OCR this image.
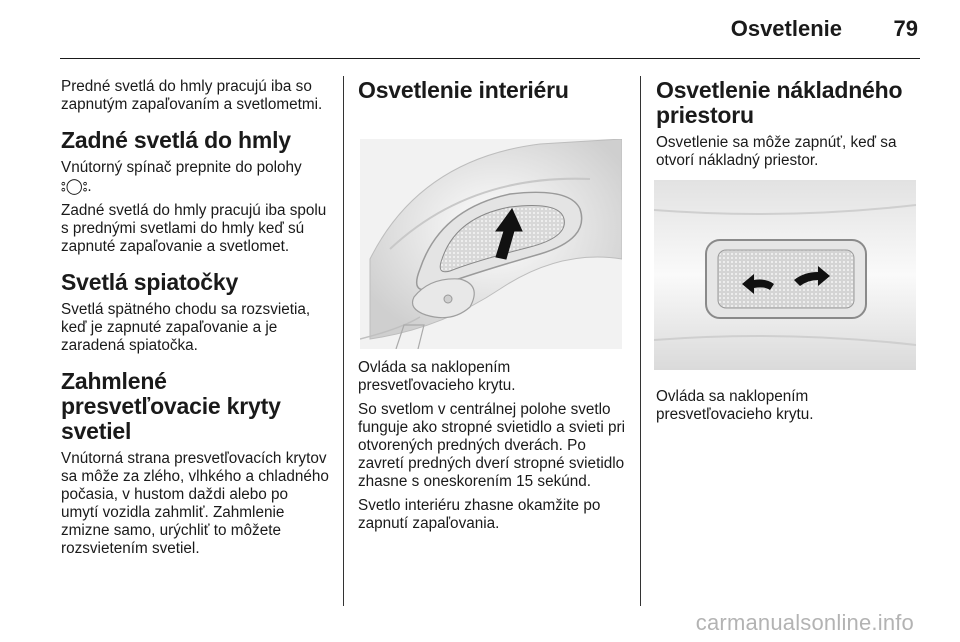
Osvetlenie 79

Predné svetlá do hmly pracujú iba so zapnutým zapaľovaním a svetlometmi.

Zadné svetlá do hmly

Vnútorný spínač prepnite do polohy ⦂◯⦂.

Zadné svetlá do hmly pracujú iba spolu s prednými svetlami do hmly keď sú zapnuté zapaľovanie a svetlomet.

Svetlá spiatočky

Svetlá spätného chodu sa rozsvietia, keď je zapnuté zapaľovanie a je zaradená spiatočka.

Zahmlené presvetľovacie kryty svetiel

Vnútorná strana presvetľovacích krytov sa môže za zlého, vlhkého a chladného počasia, v hustom daždi alebo po umytí vozidla zahmliť. Zahmlenie zmizne samo, urýchliť to môžete rozsvietením svetiel.

Osvetlenie interiéru

Ovláda sa naklopením presvetľovacieho krytu.

So svetlom v centrálnej polohe svetlo funguje ako stropné svietidlo a svieti pri otvorených predných dverách. Po zavretí predných dverí stropné svietidlo zhasne s oneskorením 15 sekúnd.

Svetlo interiéru zhasne okamžite po zapnutí zapaľovania.

Osvetlenie nákladného priestoru

Osvetlenie sa môže zapnúť, keď sa otvorí nákladný priestor.

Ovláda sa naklopením presvetľovacieho krytu.

carmanualsonline.info
